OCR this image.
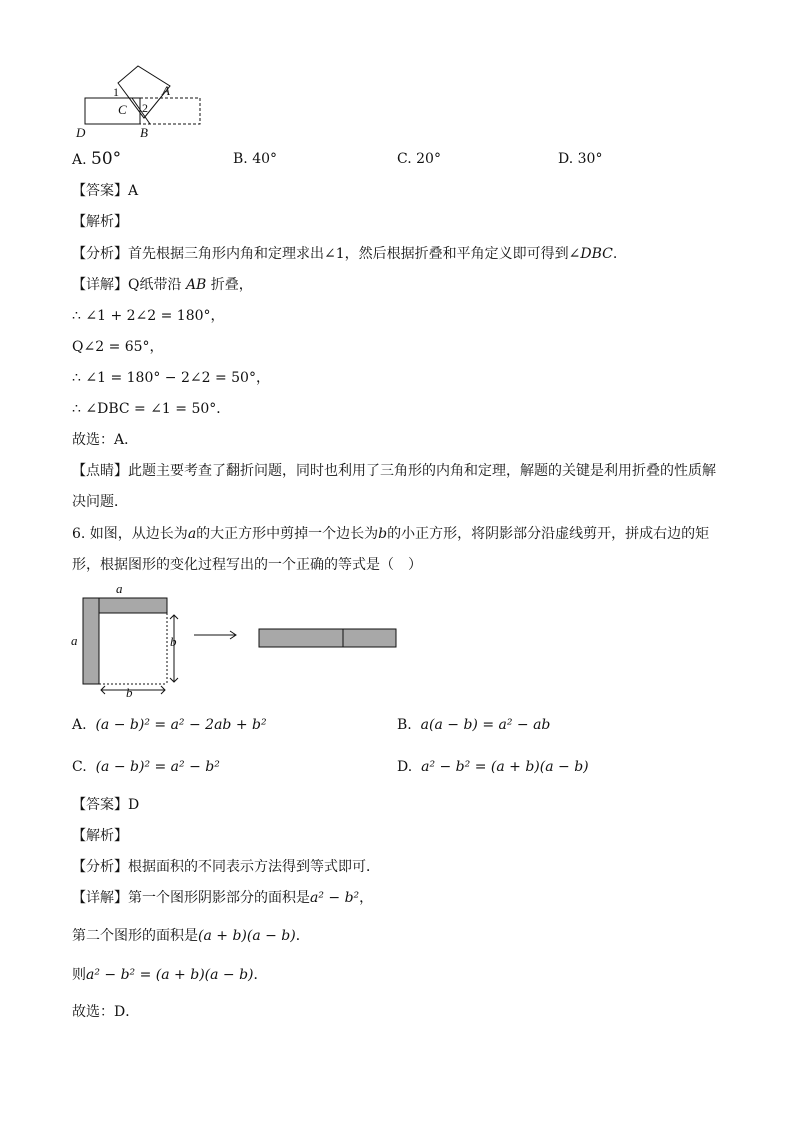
1
C 2
A
D	B
A. 50°	B. 40°	C. 20°	D. 30°
【答案】A
【解析】
【分析】首先根据三角形内角和定理求出∠1，然后根据折叠和平角定义即可得到∠DBC.
【详解】Q纸带沿 AB 折叠，
∴ ∠1 + 2∠2 = 180°，
Q∠2 = 65°，
∴ ∠1 = 180° − 2∠2 = 50°，
∴ ∠DBC = ∠1 = 50°．
故选：A．
【点睛】此题主要考查了翻折问题，同时也利用了三角形的内角和定理，解题的关键是利用折叠的性质解
决问题．
6. 如图，从边长为a的大正方形中剪掉一个边长为b的小正方形，将阴影部分沿虚线剪开，拼成右边的矩
形，根据图形的变化过程写出的一个正确的等式是（　）
a
a	b
b
A. (a − b)² = a² − 2ab + b²	B. a(a − b) = a² − ab
C. (a − b)² = a² − b²	D. a² − b² = (a + b)(a − b)
【答案】D
【解析】
【分析】根据面积的不同表示方法得到等式即可．
【详解】第一个图形阴影部分的面积是a² − b²，
第二个图形的面积是(a + b)(a − b)．
则a² − b² = (a + b)(a − b)．
故选：D．
